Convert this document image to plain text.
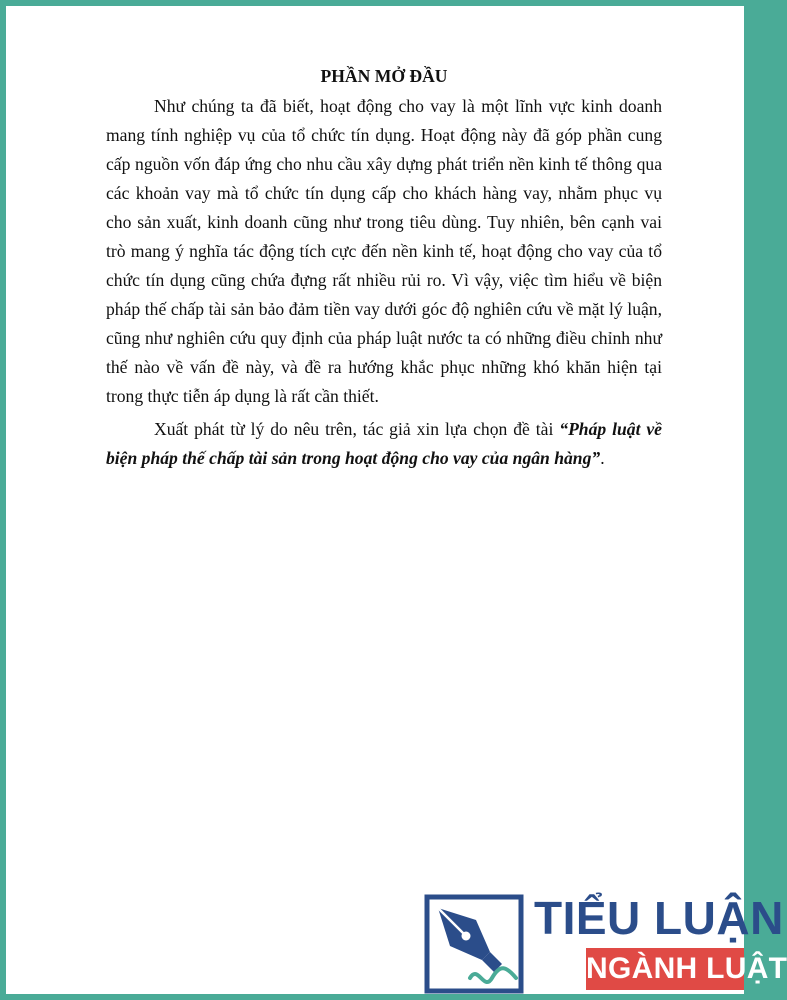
PHẦN MỞ ĐẦU

Như chúng ta đã biết, hoạt động cho vay là một lĩnh vực kinh doanh mang tính nghiệp vụ của tổ chức tín dụng. Hoạt động này đã góp phần cung cấp nguồn vốn đáp ứng cho nhu cầu xây dựng phát triển nền kinh tế thông qua các khoản vay mà tổ chức tín dụng cấp cho khách hàng vay, nhằm phục vụ cho sản xuất, kinh doanh cũng như trong tiêu dùng. Tuy nhiên, bên cạnh vai trò mang ý nghĩa tác động tích cực đến nền kinh tế, hoạt động cho vay của tổ chức tín dụng cũng chứa đựng rất nhiều rủi ro. Vì vậy, việc tìm hiểu về biện pháp thế chấp tài sản bảo đảm tiền vay dưới góc độ nghiên cứu về mặt lý luận, cũng như nghiên cứu quy định của pháp luật nước ta có những điều chỉnh như thế nào về vấn đề này, và đề ra hướng khắc phục những khó khăn hiện tại trong thực tiễn áp dụng là rất cần thiết.

Xuất phát từ lý do nêu trên, tác giả xin lựa chọn đề tài “Pháp luật về biện pháp thế chấp tài sản trong hoạt động cho vay của ngân hàng”.

TIỂU LUẬN
NGÀNH LUẬT
